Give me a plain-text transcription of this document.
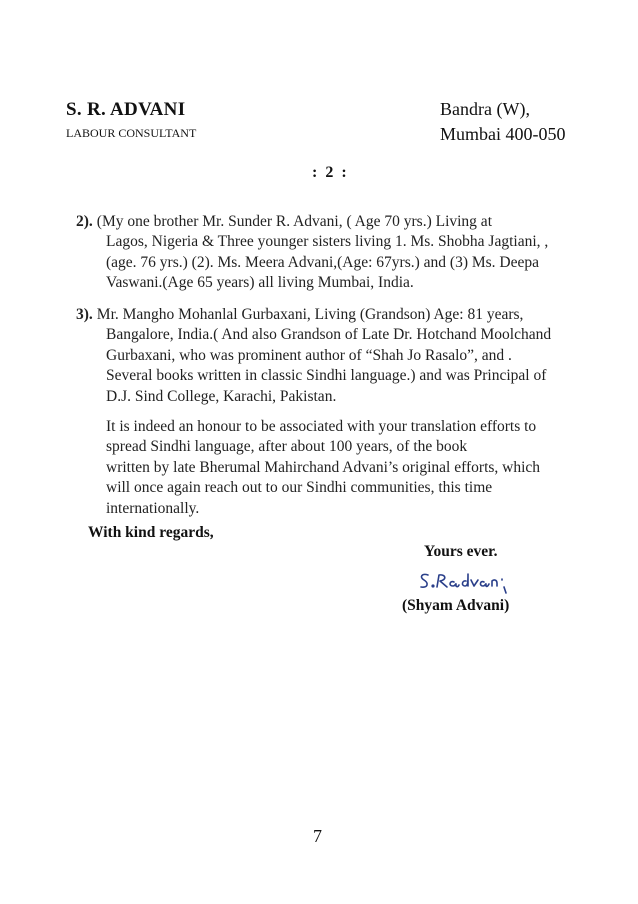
S. R. ADVANI
LABOUR CONSULTANT
Bandra (W),
Mumbai 400-050
: 2 :
2). (My one brother Mr. Sunder R. Advani, ( Age 70 yrs.) Living at
Lagos, Nigeria & Three younger sisters living 1. Ms. Shobha Jagtiani, ,
(age. 76 yrs.) (2). Ms. Meera Advani,(Age: 67yrs.) and (3) Ms. Deepa
Vaswani.(Age 65 years) all living Mumbai, India.
3). Mr. Mangho Mohanlal Gurbaxani, Living (Grandson) Age: 81 years,
Bangalore, India.( And also Grandson of Late Dr. Hotchand Moolchand
Gurbaxani, who was prominent author of “Shah Jo Rasalo”, and .
Several books written in classic Sindhi language.) and was Principal of
D.J. Sind College, Karachi, Pakistan.
It is indeed an honour to be associated with your translation efforts to
spread Sindhi language, after about 100 years, of the book
written by late Bherumal Mahirchand Advani’s original efforts, which
will once again reach out to our Sindhi communities, this time
internationally.
With kind regards,
Yours ever.
(Shyam Advani)
7
